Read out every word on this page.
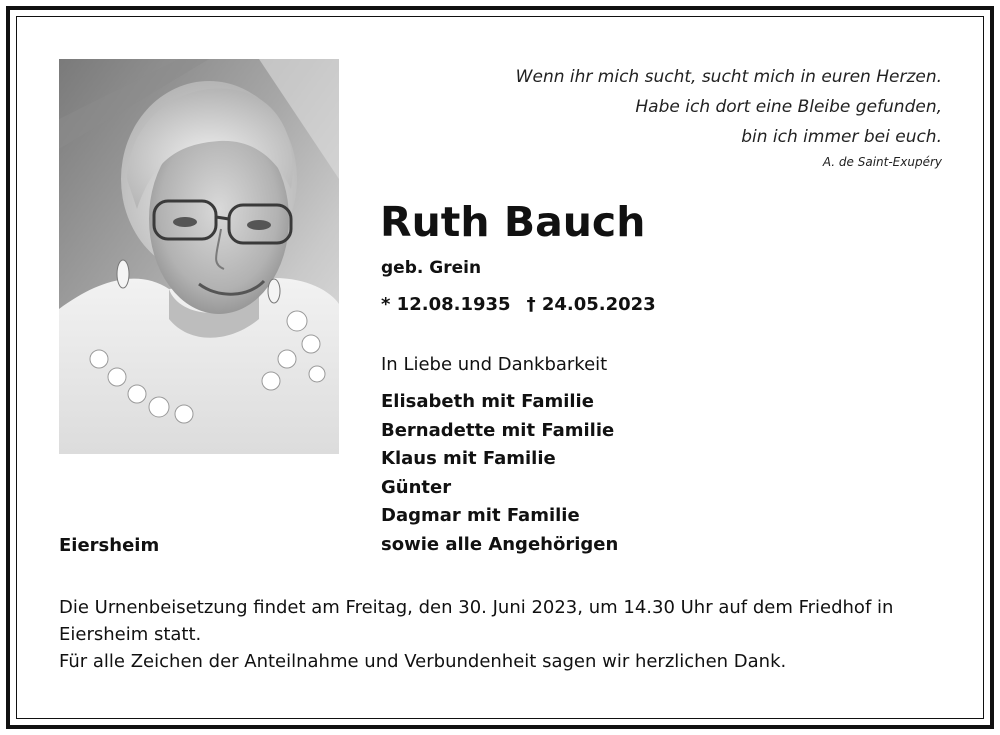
Wenn ihr mich sucht, sucht mich in euren Herzen.
Habe ich dort eine Bleibe gefunden,
bin ich immer bei euch.
A. de Saint-Exupéry
Ruth Bauch
geb. Grein
* 12.08.1935 † 24.05.2023
In Liebe und Dankbarkeit
Elisabeth mit Familie
Bernadette mit Familie
Klaus mit Familie
Günter
Dagmar mit Familie
sowie alle Angehörigen
Eiersheim

Die Urnenbeisetzung findet am Freitag, den 30. Juni 2023, um 14.30 Uhr auf dem Friedhof in Eiersheim statt.

Für alle Zeichen der Anteilnahme und Verbundenheit sagen wir herzlichen Dank.
